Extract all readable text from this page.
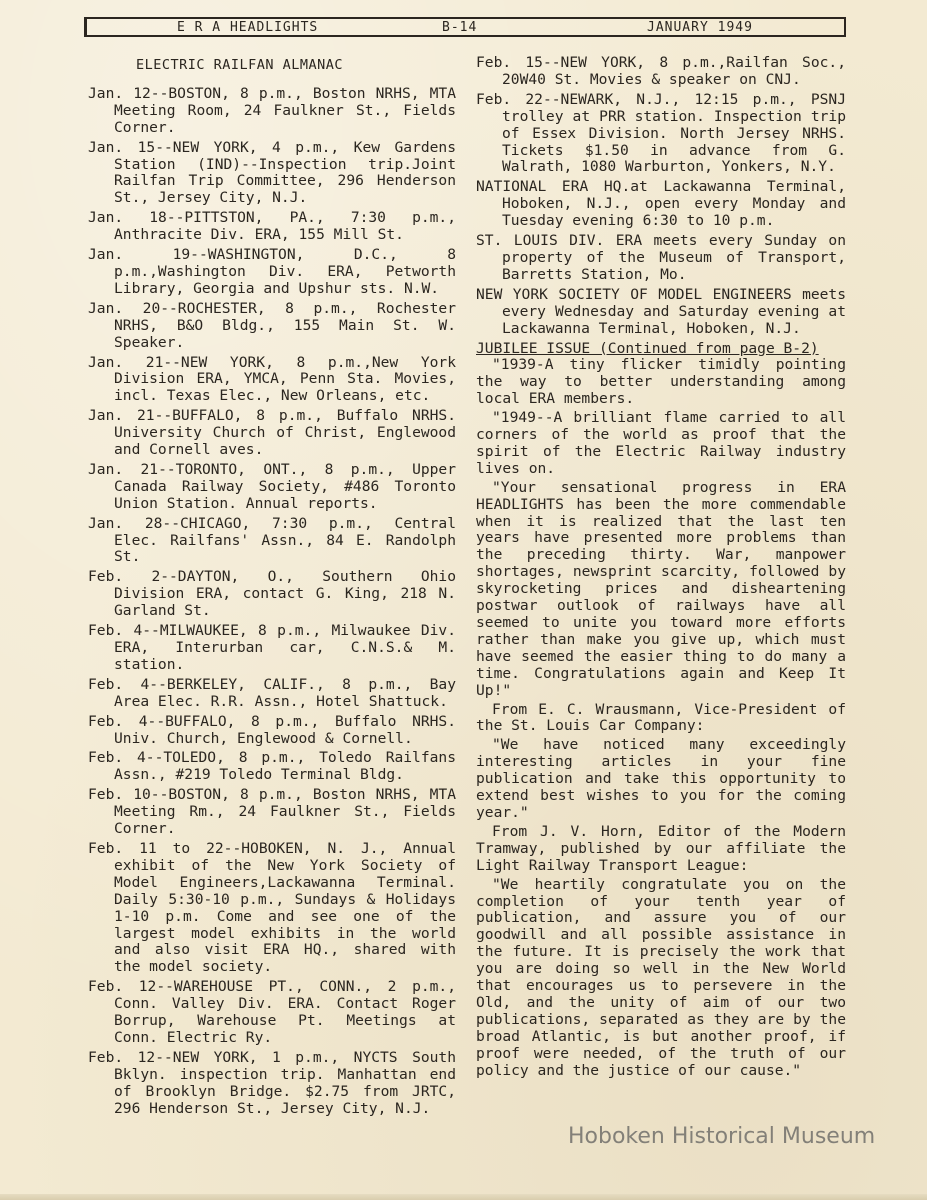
E R A HEADLIGHTS	B-14	JANUARY 1949
ELECTRIC RAILFAN ALMANAC
Jan. 12--BOSTON, 8 p.m., Boston NRHS, MTA Meeting Room, 24 Faulkner St., Fields Corner.
Jan. 15--NEW YORK, 4 p.m., Kew Gardens Station (IND)--Inspection trip.Joint Railfan Trip Committee, 296 Henderson St., Jersey City, N.J.
Jan. 18--PITTSTON, PA., 7:30 p.m., Anthracite Div. ERA, 155 Mill St.
Jan. 19--WASHINGTON, D.C., 8 p.m.,Washington Div. ERA, Petworth Library, Georgia and Upshur sts. N.W.
Jan. 20--ROCHESTER, 8 p.m., Rochester NRHS, B&O Bldg., 155 Main St. W. Speaker.
Jan. 21--NEW YORK, 8 p.m.,New York Division ERA, YMCA, Penn Sta. Movies, incl. Texas Elec., New Orleans, etc.
Jan. 21--BUFFALO, 8 p.m., Buffalo NRHS. University Church of Christ, Englewood and Cornell aves.
Jan. 21--TORONTO, ONT., 8 p.m., Upper Canada Railway Society, #486 Toronto Union Station. Annual reports.
Jan. 28--CHICAGO, 7:30 p.m., Central Elec. Railfans' Assn., 84 E. Randolph St.
Feb. 2--DAYTON, O., Southern Ohio Division ERA, contact G. King, 218 N. Garland St.
Feb. 4--MILWAUKEE, 8 p.m., Milwaukee Div. ERA, Interurban car, C.N.S.& M. station.
Feb. 4--BERKELEY, CALIF., 8 p.m., Bay Area Elec. R.R. Assn., Hotel Shattuck.
Feb. 4--BUFFALO, 8 p.m., Buffalo NRHS. Univ. Church, Englewood & Cornell.
Feb. 4--TOLEDO, 8 p.m., Toledo Railfans Assn., #219 Toledo Terminal Bldg.
Feb. 10--BOSTON, 8 p.m., Boston NRHS, MTA Meeting Rm., 24 Faulkner St., Fields Corner.
Feb. 11 to 22--HOBOKEN, N. J., Annual exhibit of the New York Society of Model Engineers,Lackawanna Terminal. Daily 5:30-10 p.m., Sundays & Holidays 1-10 p.m. Come and see one of the largest model exhibits in the world and also visit ERA HQ., shared with the model society.
Feb. 12--WAREHOUSE PT., CONN., 2 p.m., Conn. Valley Div. ERA. Contact Roger Borrup, Warehouse Pt. Meetings at Conn. Electric Ry.
Feb. 12--NEW YORK, 1 p.m., NYCTS South Bklyn. inspection trip. Manhattan end of Brooklyn Bridge. $2.75 from JRTC, 296 Henderson St., Jersey City, N.J.
Feb. 15--NEW YORK, 8 p.m.,Railfan Soc., 20W40 St. Movies & speaker on CNJ.
Feb. 22--NEWARK, N.J., 12:15 p.m., PSNJ trolley at PRR station. Inspection trip of Essex Division. North Jersey NRHS. Tickets $1.50 in advance from G. Walrath, 1080 Warburton, Yonkers, N.Y.
NATIONAL ERA HQ.at Lackawanna Terminal, Hoboken, N.J., open every Monday and Tuesday evening 6:30 to 10 p.m.
ST. LOUIS DIV. ERA meets every Sunday on property of the Museum of Transport, Barretts Station, Mo.
NEW YORK SOCIETY OF MODEL ENGINEERS meets every Wednesday and Saturday evening at Lackawanna Terminal, Hoboken, N.J.
JUBILEE ISSUE (Continued from page B-2)
"1939-A tiny flicker timidly pointing the way to better understanding among local ERA members.
"1949--A brilliant flame carried to all corners of the world as proof that the spirit of the Electric Railway industry lives on.
"Your sensational progress in ERA HEADLIGHTS has been the more commendable when it is realized that the last ten years have presented more problems than the preceding thirty. War, manpower shortages, newsprint scarcity, followed by skyrocketing prices and disheartening postwar outlook of railways have all seemed to unite you toward more efforts rather than make you give up, which must have seemed the easier thing to do many a time. Congratulations again and Keep It Up!"
From E. C. Wrausmann, Vice-President of the St. Louis Car Company:
"We have noticed many exceedingly interesting articles in your fine publication and take this opportunity to extend best wishes to you for the coming year."
From J. V. Horn, Editor of the Modern Tramway, published by our affiliate the Light Railway Transport League:
"We heartily congratulate you on the completion of your tenth year of publication, and assure you of our goodwill and all possible assistance in the future. It is precisely the work that you are doing so well in the New World that encourages us to persevere in the Old, and the unity of aim of our two publications, separated as they are by the broad Atlantic, is but another proof, if proof were needed, of the truth of our policy and the justice of our cause."
Hoboken Historical Museum
